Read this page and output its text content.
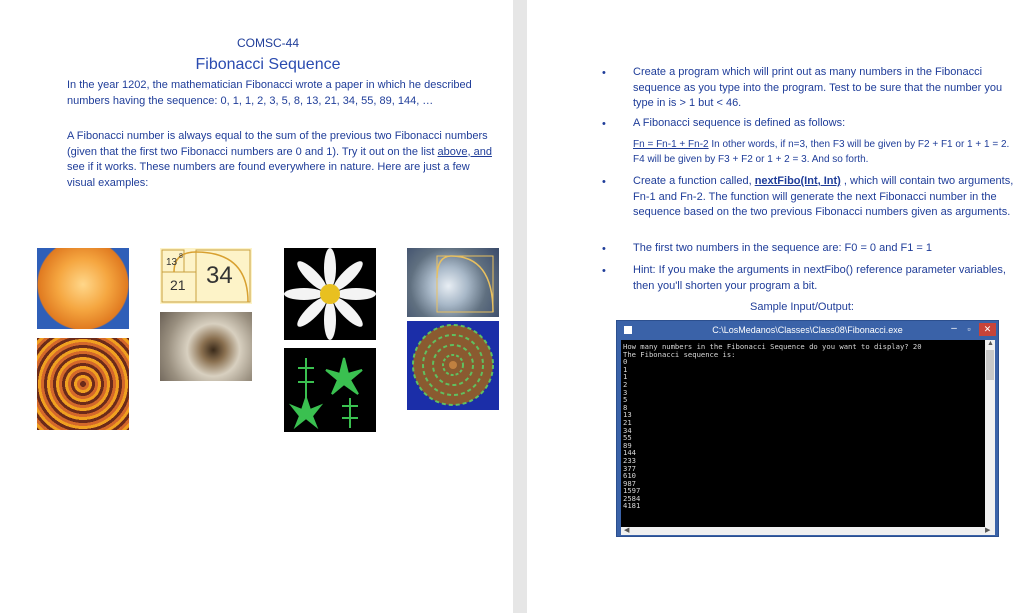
COMSC-44
Fibonacci Sequence
In the year 1202, the mathematician Fibonacci wrote a paper in which he described numbers having the sequence: 0, 1, 1, 2, 3, 5, 8, 13, 21, 34, 55, 89, 144, …
A Fibonacci number is always equal to the sum of the previous two Fibonacci numbers (given that the first two Fibonacci numbers are 0 and 1). Try it out on the list above, and see if it works. These numbers are found everywhere in nature. Here are just a few visual examples:
13
8
21 34
• Create a program which will print out as many numbers in the Fibonacci sequence as you type into the program. Test to be sure that the number you type in is > 1 but < 46.
• A Fibonacci sequence is defined as follows:
Fn = Fn-1 + Fn-2 In other words, if n=3, then F3 will be given by F2 + F1 or 1 + 1 = 2. F4 will be given by F3 + F2 or 1 + 2 = 3. And so forth.
• Create a function called, nextFibo(Int, Int) , which will contain two arguments, Fn-1 and Fn-2. The function will generate the next Fibonacci number in the sequence based on the two previous Fibonacci numbers given as arguments.
• The first two numbers in the sequence are: F0 = 0 and F1 = 1
• Hint: If you make the arguments in nextFibo() reference parameter variables, then you'll shorten your program a bit.
Sample Input/Output:
C:\LosMedanos\Classes\Class08\Fibonacci.exe	–	▫	✕
How many numbers in the Fibonacci Sequence do you want to display? 20
The Fibonacci sequence is:
0
1
1
2
3
5
8
13
21
34
55
89
144
233
377
610
987
1597
2584
4181
▲
◀	▶
